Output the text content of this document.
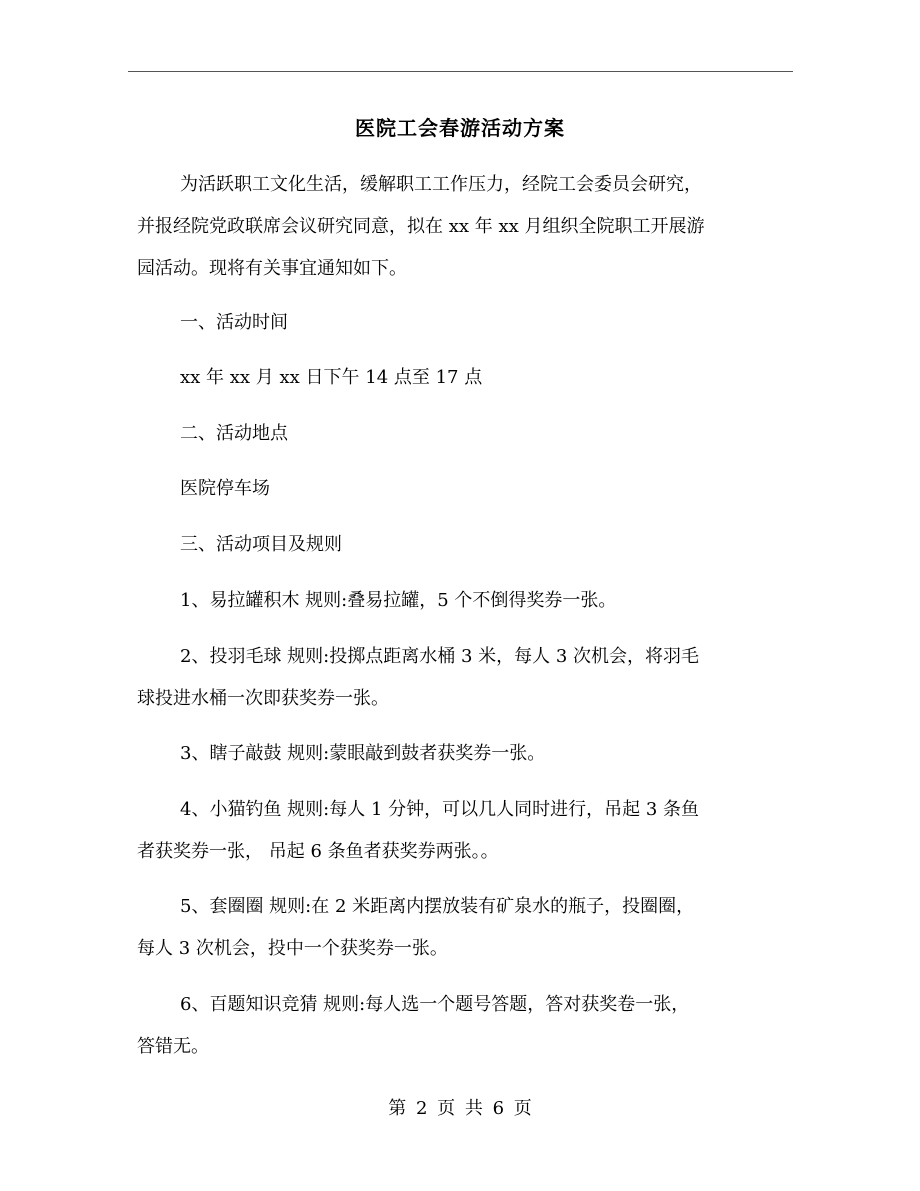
医院工会春游活动方案
为活跃职工文化生活，缓解职工工作压力，经院工会委员会研究，
并报经院党政联席会议研究同意，拟在 xx 年 xx 月组织全院职工开展游
园活动。现将有关事宜通知如下。
一、活动时间
xx 年 xx 月 xx 日下午 14 点至 17 点
二、活动地点
医院停车场
三、活动项目及规则
1、易拉罐积木 规则:叠易拉罐，5 个不倒得奖券一张。
2、投羽毛球 规则:投掷点距离水桶 3 米，每人 3 次机会，将羽毛
球投进水桶一次即获奖券一张。
3、瞎子敲鼓 规则:蒙眼敲到鼓者获奖券一张。
4、小猫钓鱼 规则:每人 1 分钟，可以几人同时进行，吊起 3 条鱼
者获奖券一张， 吊起 6 条鱼者获奖券两张。。
5、套圈圈 规则:在 2 米距离内摆放装有矿泉水的瓶子，投圈圈，
每人 3 次机会，投中一个获奖券一张。
6、百题知识竞猜 规则:每人选一个题号答题，答对获奖卷一张，
答错无。
第 2 页 共 6 页
